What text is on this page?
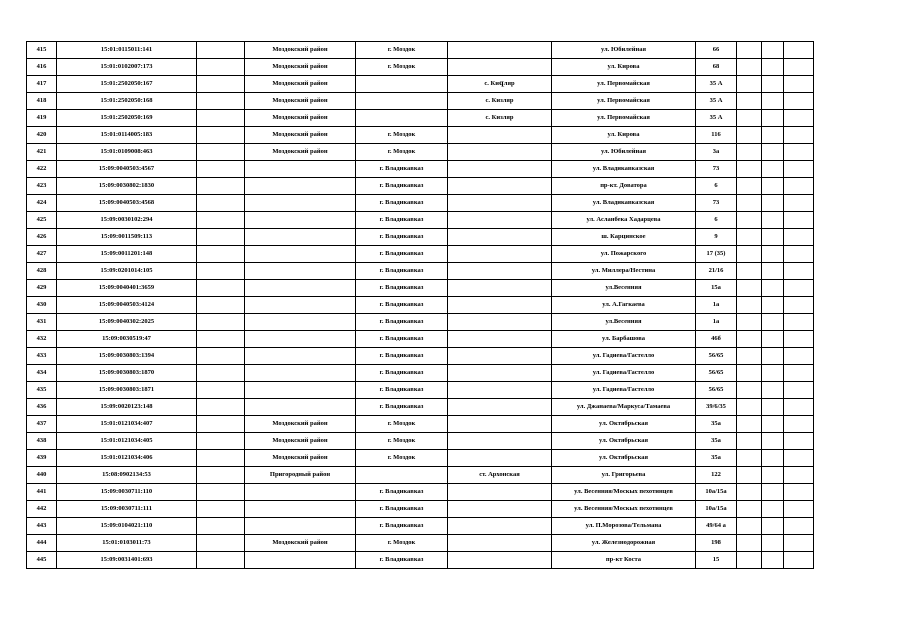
415	15:01:0115011:141		Моздокский район	г. Моздок		ул. Юбилейная	66			
416	15:01:0102007:173		Моздокский район	г. Моздок		ул. Кирова	68			
417	15:01:2502050:167		Моздокский район		с. Киզляр	ул. Первомайская	35 А			
418	15:01:2502050:168		Моздокский район		с. Кизляр	ул. Первомайская	35 А			
419	15:01:2502050:169		Моздокский район		с. Кизляр	ул. Первомайская	35 А			
420	15:01:0114005:183		Моздокский район	г. Моздок		ул. Кирова	116			
421	15:01:0109008:463		Моздокский район	г. Моздок		ул. Юбилейная	3а			
422	15:09:0040503:4567			г. Владикавказ		ул. Владикавказская	73			
423	15:09:0030802:1830			г. Владикавказ		пр-кт. Доватора	6			
424	15:09:0040503:4568			г. Владикавказ		ул. Владикавказская	73			
425	15:09:0030102:294			г. Владикавказ		ул. Асланбека Хадарцева	6			
426	15:09:0011509:113			г. Владикавказ		ш. Карцинское	9			
427	15:09:0011201:148			г. Владикавказ		ул. Пожарского	17 (35)			
428	15:09:0201014:105			г. Владикавказ		ул. Миллера/Нестина	21/16			
429	15:09:0040401:3659			г. Владикавказ		ул.Весенняя	15а			
430	15:09:0040503:4124			г. Владикавказ		ул. А.Гагкаева	1а			
431	15:09:0040302:2025			г. Владикавказ		ул.Весенняя	1а			
432	15:09:0030519:47			г. Владикавказ		ул. Барбашова	46б			
433	15:09:0030803:1394			г. Владикавказ		ул. Гадиева/Гастелло	56/65			
434	15:09:0030803:1870			г. Владикавказ		ул. Гадиева/Гастелло	56/65			
435	15:09:0030803:1871			г. Владикавказ		ул. Гадиева/Гастелло	56/65			
436	15:09:0020123:148			г. Владикавказ		ул. Джанаева/Маркуса/Тамаева	39/6/35			
437	15:01:0121034:407		Моздокский район	г. Моздок		ул. Октябрьская	35а			
438	15:01:0121034:405		Моздокский район	г. Моздок		ул. Октябрьская	35а			
439	15:01:0121034:406		Моздокский район	г. Моздок		ул. Октябрьская	35а			
440	15:08:0902134:53		Пригородный район		ст. Архонская	ул. Григорьева	122			
441	15:09:0030711:110			г. Владикавказ		ул. Весенняя/Москых пехотинцев	10а/15а			
442	15:09:0030711:111			г. Владикавказ		ул. Весенняя/Москых пехотинцев	10а/15а			
443	15:09:0104021:110			г. Владикавказ		ул. П.Морозова/Тельмана	49/64 а			
444	15:01:0103011:73		Моздокский район	г. Моздок		ул. Железнодорожная	198			
445	15:09:0031401:693			г. Владикавказ		пр-кт Коста	15			
